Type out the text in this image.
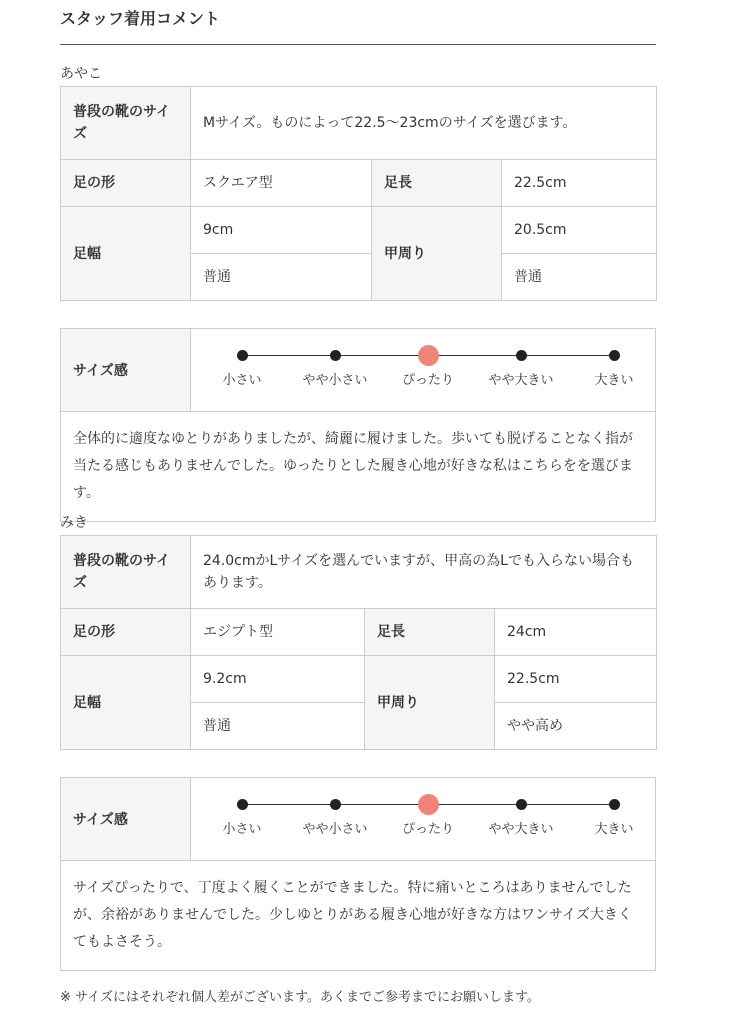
スタッフ着用コメント
あやこ
普段の靴のサイズ	Mサイズ。ものによって22.5〜23cmのサイズを選びます。		
足の形	スクエア型	足長	22.5cm
足幅	9cm	甲周り	20.5cm
	普通		普通
サイズ感
小さい	やや小さい	ぴったり	やや大きい	大きい
全体的に適度なゆとりがありましたが、綺麗に履けました。歩いても脱げることなく指が当たる感じもありませんでした。ゆったりとした履き心地が好きな私はこちらをを選びます。
みき
普段の靴のサイズ	24.0cmかLサイズを選んでいますが、甲高の為Lでも入らない場合もあります。		
足の形	エジプト型	足長	24cm
足幅	9.2cm	甲周り	22.5cm
	普通		やや高め
サイズ感
小さい	やや小さい	ぴったり	やや大きい	大きい
サイズぴったりで、丁度よく履くことができました。特に痛いところはありませんでしたが、余裕がありませんでした。少しゆとりがある履き心地が好きな方はワンサイズ大きくてもよさそう。
※ サイズにはそれぞれ個人差がございます。あくまでご参考までにお願いします。
